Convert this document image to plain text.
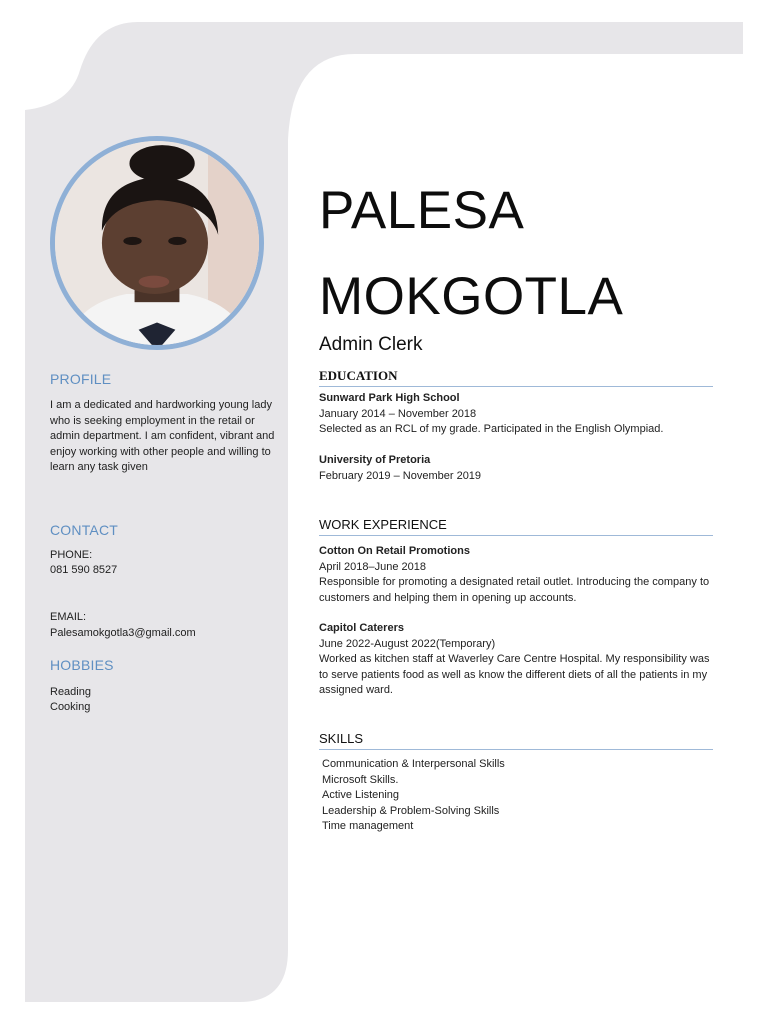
PROFILE

I am a dedicated and hardworking young lady who is seeking employment in the retail or admin department. I am confident, vibrant and enjoy working with other people and willing to learn any task given

CONTACT

PHONE:

081 590 8527

EMAIL:

Palesamokgotla3@gmail.com

HOBBIES

Reading

Cooking

PALESA
MOKGOTLA
Admin Clerk
EDUCATION
Sunward Park High School
January 2014 – November 2018
Selected as an RCL of my grade. Participated in the English Olympiad.
University of Pretoria
February 2019 – November 2019
WORK EXPERIENCE
Cotton On Retail Promotions
April 2018–June 2018
Responsible for promoting a designated retail outlet. Introducing the company to customers and helping them in opening up accounts.
Capitol Caterers
June 2022-August 2022(Temporary)
Worked as kitchen staff at Waverley Care Centre Hospital. My responsibility was to serve patients food as well as know the different diets of all the patients in my assigned ward.
SKILLS
Communication & Interpersonal Skills
Microsoft Skills.
Active Listening
Leadership & Problem-Solving Skills
Time management
